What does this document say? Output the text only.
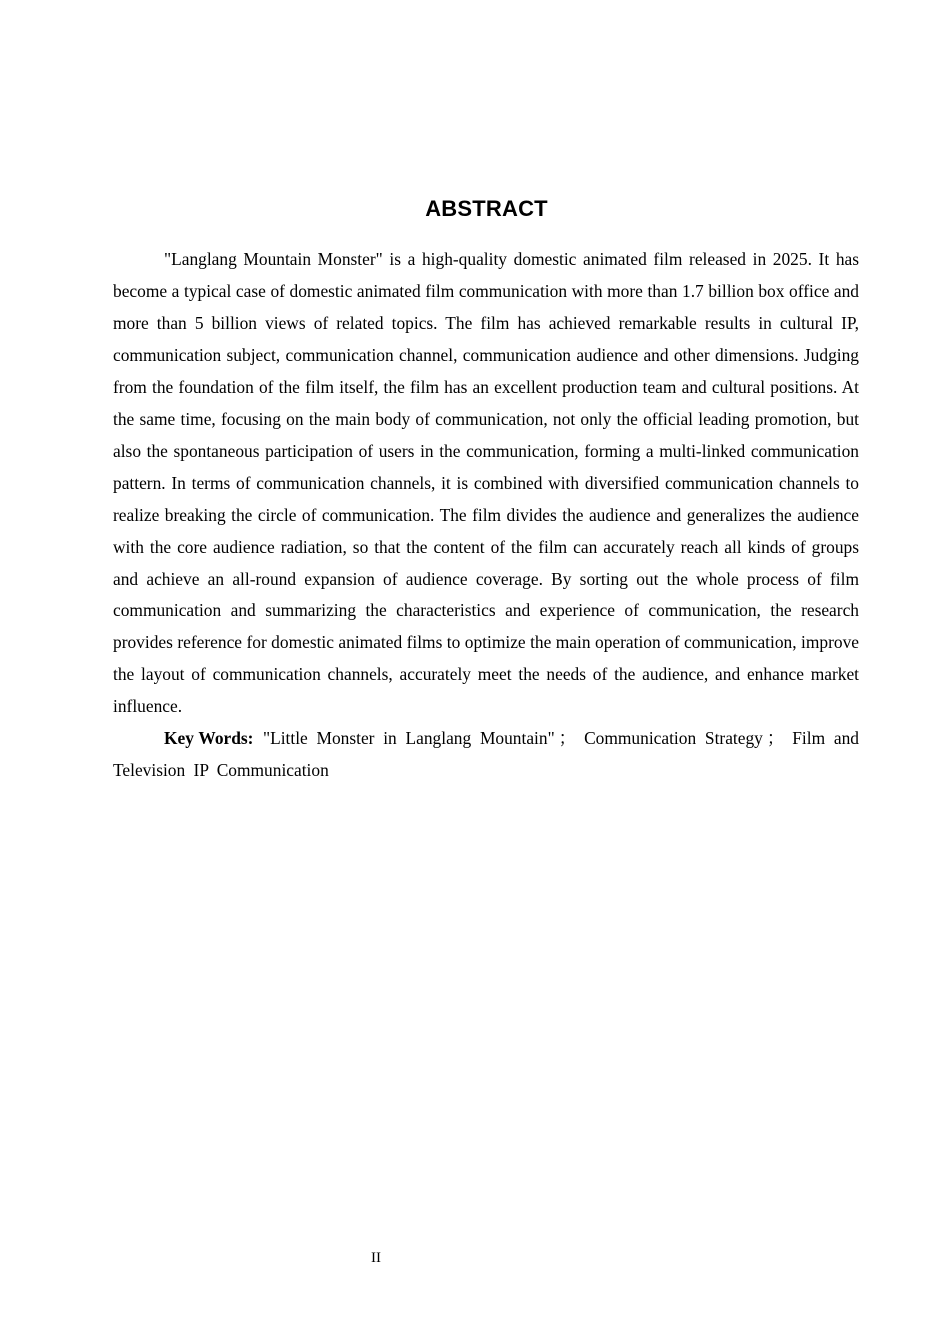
ABSTRACT

"Langlang Mountain Monster" is a high-quality domestic animated film released in 2025. It has become a typical case of domestic animated film communication with more than 1.7 billion box office and more than 5 billion views of related topics. The film has achieved remarkable results in cultural IP, communication subject, communication channel, communication audience and other dimensions. Judging from the foundation of the film itself, the film has an excellent production team and cultural positions. At the same time, focusing on the main body of communication, not only the official leading promotion, but also the spontaneous participation of users in the communication, forming a multi-linked communication pattern. In terms of communication channels, it is combined with diversified communication channels to realize breaking the circle of communication. The film divides the audience and generalizes the audience with the core audience radiation, so that the content of the film can accurately reach all kinds of groups and achieve an all-round expansion of audience coverage. By sorting out the whole process of film communication and summarizing the characteristics and experience of communication, the research provides reference for domestic animated films to optimize the main operation of communication, improve the layout of communication channels, accurately meet the needs of the audience, and enhance market influence.

Key Words: "Little Monster in Langlang Mountain" ； Communication Strategy ； Film and Television IP Communication

II
